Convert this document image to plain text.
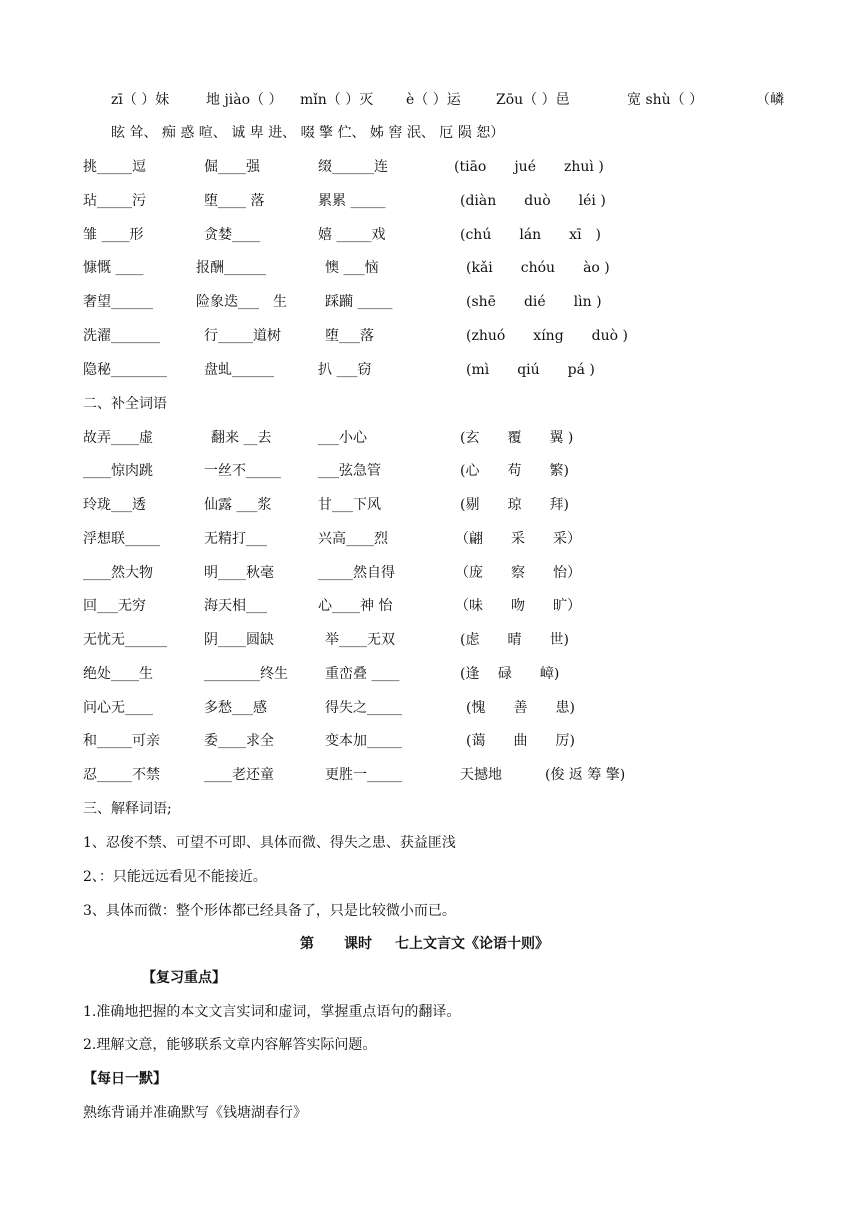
zī（ ）妹	地 jiào（ ） mǐn（ ）灭 è（ ）运	Zōu（ ）邑	宽 shù（ ）	（嶙
眩 耸、 痴 惑 喧、 诚 卑 进、 啜 擎 伫、 姊 窖 泯、 厄 陨 恕）
挑_____逗	倔____强	缀______连	(tiāo　　jué　　zhuì )
玷_____污	堕____ 落	累累 _____	(diàn　　duò　　léi )
雏 ____形	贪婪____	嬉 _____戏	(chú　　lán　　xī　)
慷慨 ____	报酬______	懊 ___恼	(kǎi　　chóu　　ào )
奢望______	险象迭___　生	踩躏 _____	(shē　　dié　　lìn )
洗濯_______	行_____道树	堕___落	(zhuó　　xíng　　duò )
隐秘________	盘虬______	扒 ___窃	(mì　　qiú　　pá )
二、补全词语
故弄____虚	翻来 __去	___小心	(玄　　覆　　翼 )
____惊肉跳	一丝不_____	___弦急管	(心　　苟　　繁)
玲珑___透	仙露 ___浆	甘___下风	(剔　　琼　　拜)
浮想联_____	无精打___	兴高____烈	（翩　　采　　采）
____然大物	明____秋毫	_____然自得	（庞　　察　　怡）
回___无穷	海天相___	心____神 怡	（味　　吻　　旷）
无忧无______	阴____圆缺	举____无双	(虑　　晴　　世)
绝处____生	________终生	重峦叠 ____	(逢　 碌　　嶂)
问心无____	多愁___感	得失之_____	(愧　　善　　患)
和_____可亲	委____求全	变本加_____	(蔼　　曲　　厉)
忍_____不禁	____老还童	更胜一_____	天撼地	(俊 返 筹 擎)
三、解释词语;
1、忍俊不禁、可望不可即、具体而微、得失之患、获益匪浅
2、：只能远远看见不能接近。
3、具体而微：整个形体都已经具备了，只是比较微小而已。
第 课时 七上文言文《论语十则》
【复习重点】
1.准确地把握的本文文言实词和虚词，掌握重点语句的翻译。
2.理解文意，能够联系文章内容解答实际问题。
【每日一默】
熟练背诵并准确默写《钱塘湖春行》
